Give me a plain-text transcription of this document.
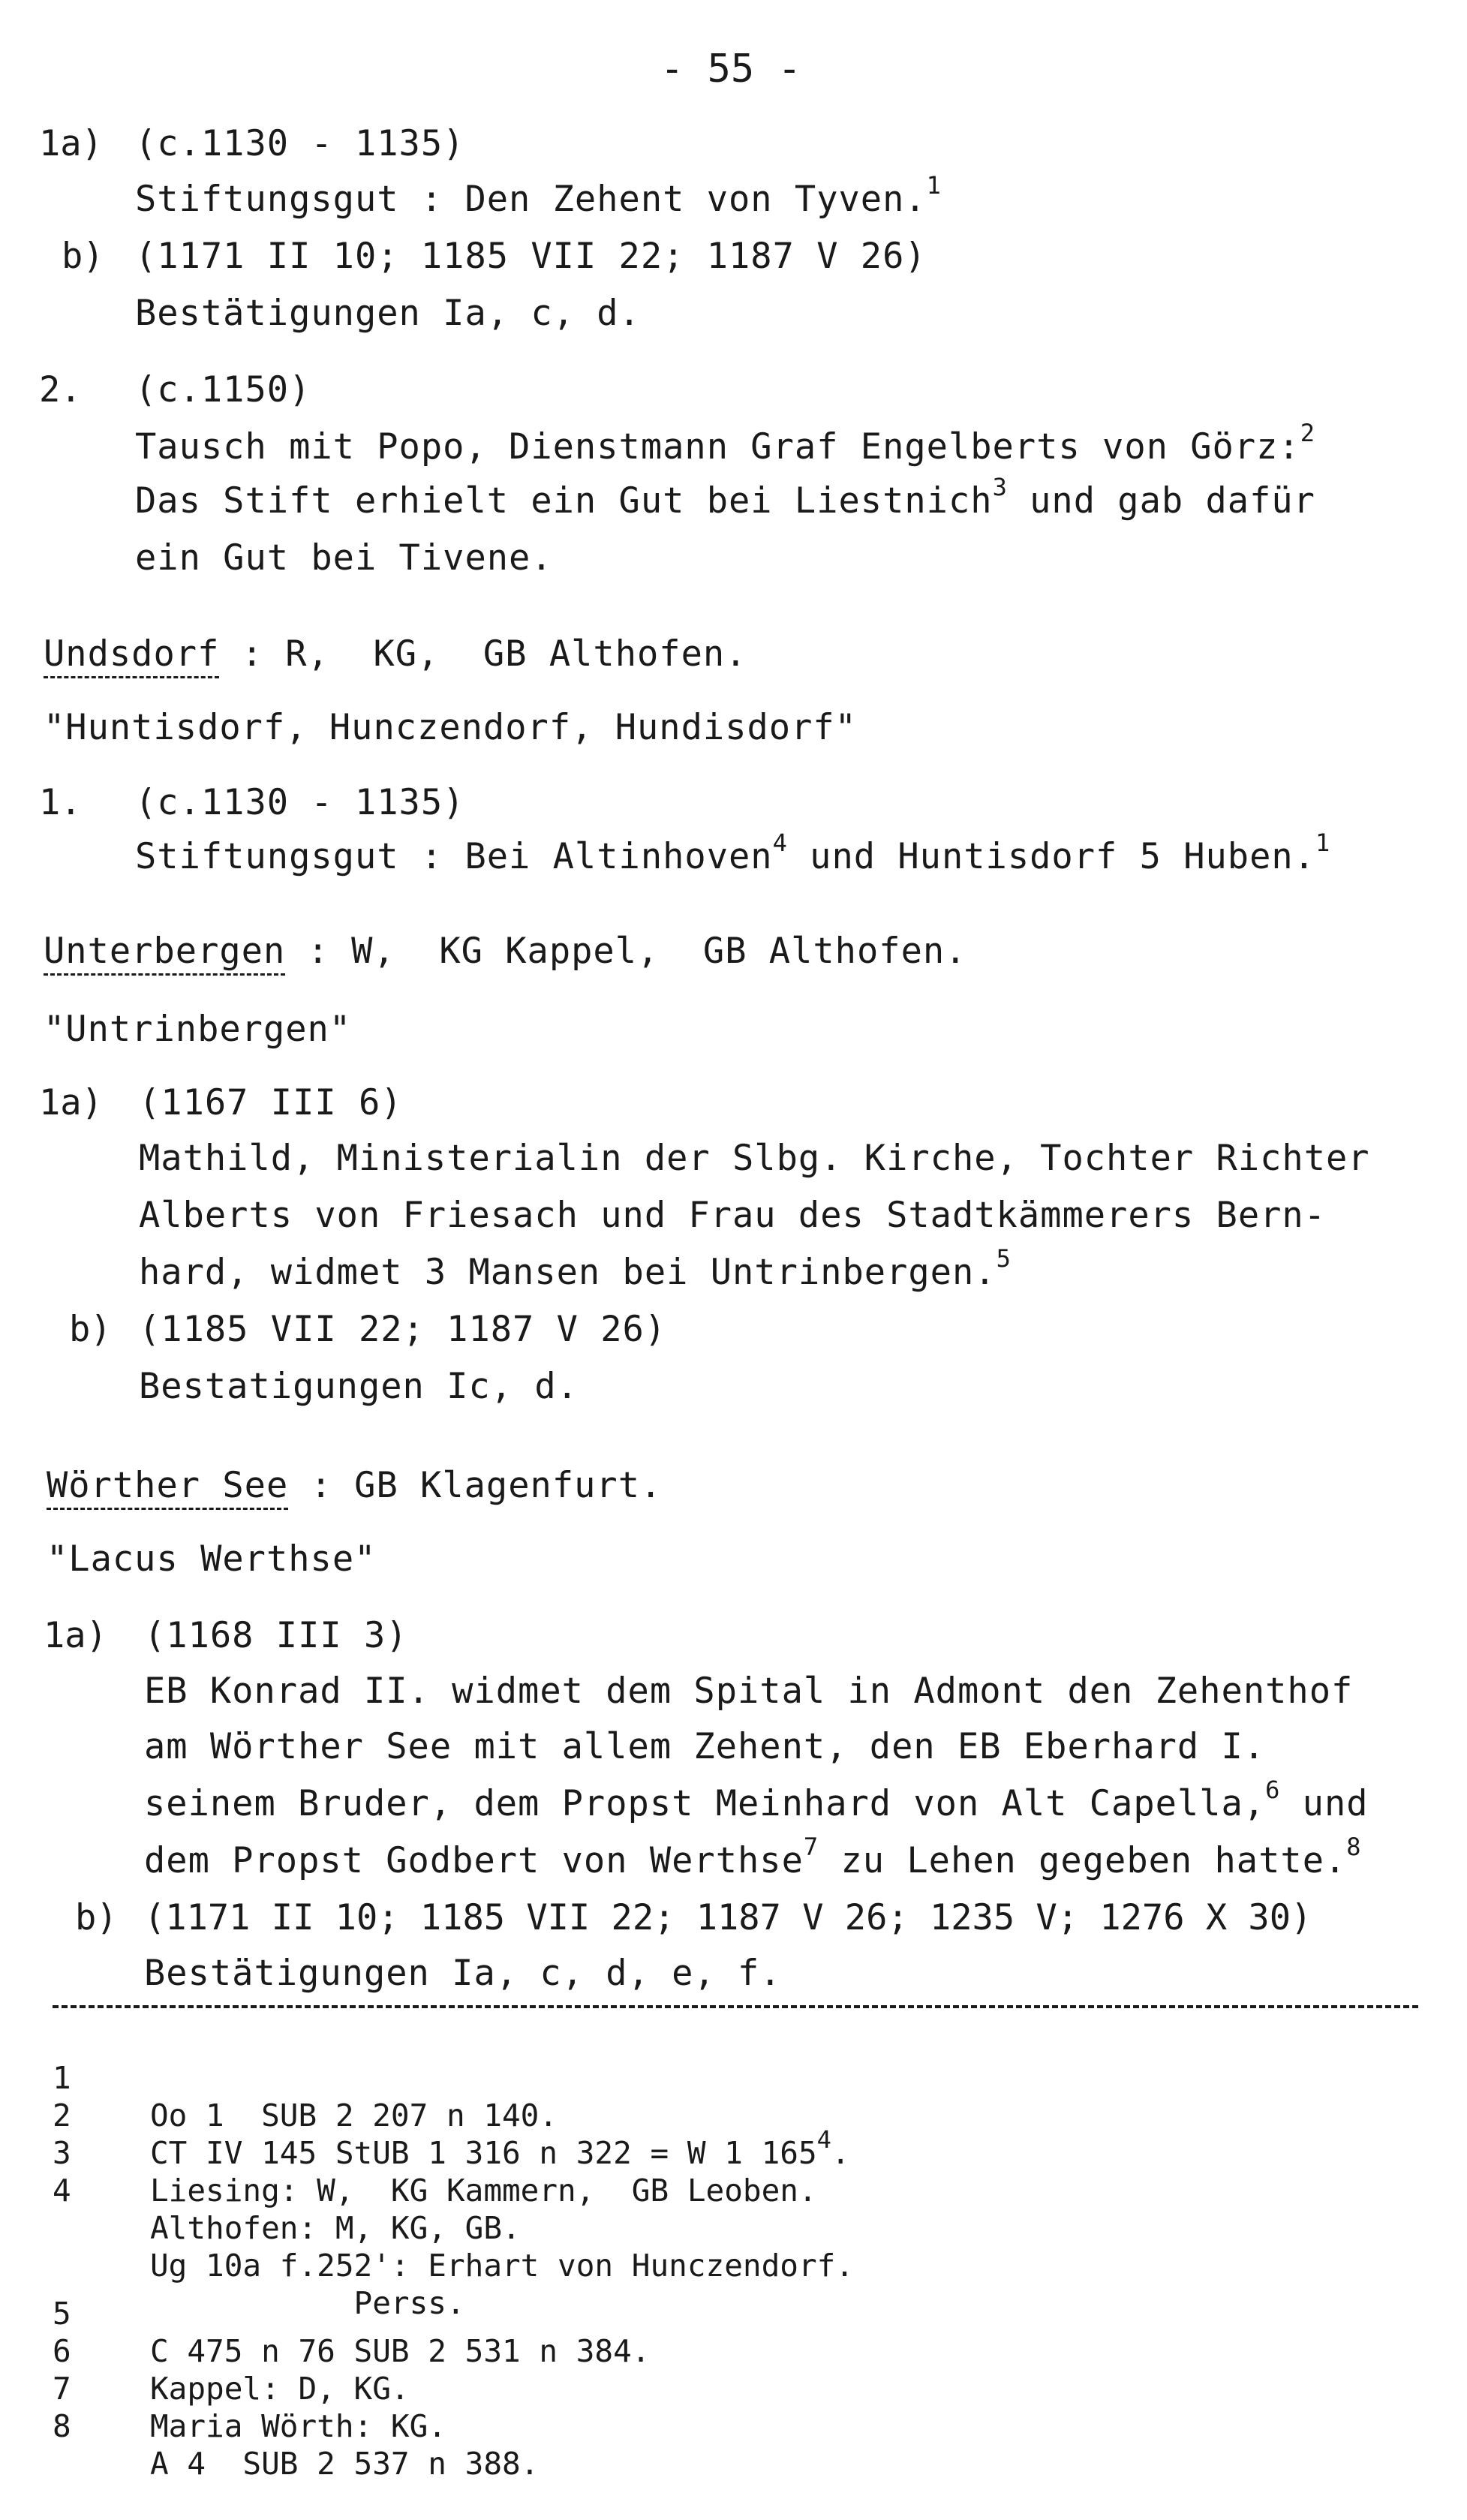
- 55 -
1a) (c.1130 - 1135)
Stiftungsgut : Den Zehent von Tyven.$^1$
b) (1171 II 10; 1185 VII 22; 1187 V 26)
Bestätigungen Ia, c, d.
2. (c.1150)
Tausch mit Popo, Dienstmann Graf Engelberts von Görz:$^2$
Das Stift erhielt ein Gut bei Liestnich$^3$ und gab dafür
ein Gut bei Tivene.
Undsdorf : R,  KG,  GB Althofen.
"Huntisdorf, Hunczendorf, Hundisdorf"
1. (c.1130 - 1135)
Stiftungsgut : Bei Altinhoven$^4$ und Huntisdorf 5 Huben.$^1$
Unterbergen : W,  KG Kappel,  GB Althofen.
"Untrinbergen"
1a) (1167 III 6)
Mathild, Ministerialin der Slbg. Kirche, Tochter Richter
Alberts von Friesach und Frau des Stadtkämmerers Bern-
hard, widmet 3 Mansen bei Untrinbergen.$^5$
b) (1185 VII 22; 1187 V 26)
Bestatigungen Ic, d.
Wörther See : GB Klagenfurt.
"Lacus Werthse"
1a) (1168 III 3)
EB Konrad II. widmet dem Spital in Admont den Zehenthof
am Wörther See mit allem Zehent, den EB Eberhard I.
seinem Bruder, dem Propst Meinhard von Alt Capella,$^6$ und
dem Propst Godbert von Werthse$^7$ zu Lehen gegeben hatte.$^8$
b) (1171 II 10; 1185 VII 22; 1187 V 26; 1235 V; 1276 X 30)
Bestätigungen Ia, c, d, e, f.

1

Oo 1  SUB 2 207 n 140.

2

CT IV 145 StUB 1 316 n 322 = W 1 $165^4$.

3

Liesing: W,  KG Kammern,  GB Leoben.

4

Althofen: M, KG, GB.

Ug 10a f.252': Erhart von Hunczendorf.

Perss.

5

C 475 n 76 SUB 2 531 n 384.

6

Kappel: D, KG.

7

Maria Wörth: KG.

8

A 4  SUB 2 537 n 388.
